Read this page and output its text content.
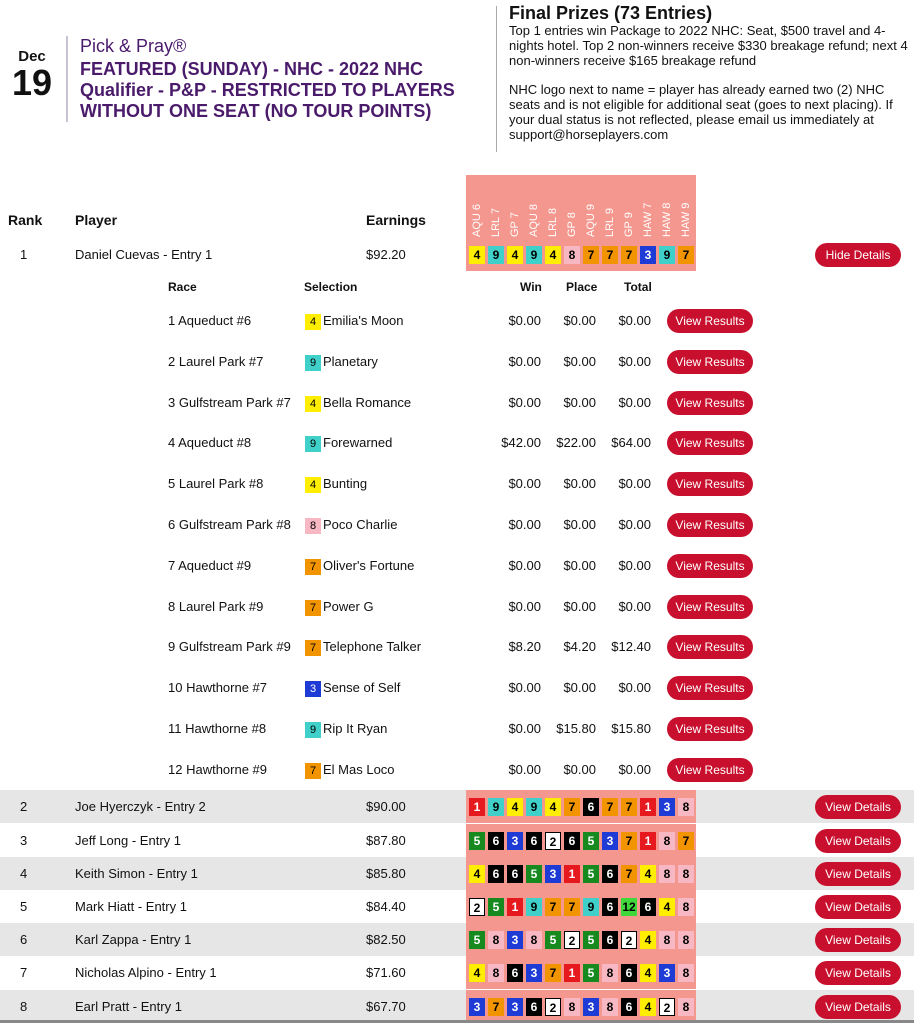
Dec
19
Pick & Pray®
FEATURED (SUNDAY) - NHC - 2022 NHC Qualifier - P&P - RESTRICTED TO PLAYERS WITHOUT ONE SEAT (NO TOUR POINTS)
Final Prizes (73 Entries)

Top 1 entries win Package to 2022 NHC: Seat, $500 travel and 4-nights hotel. Top 2 non-winners receive $330 breakage refund; next 4 non-winners receive $165 breakage refund

NHC logo next to name = player has already earned two (2) NHC seats and is not eligible for additional seat (goes to next placing). If your dual status is not reflected, please email us immediately at support@horseplayers.com

Rank Player	Earnings	AQU 6 LRL 7 GP 7 AQU 8 LRL 8 GP 8 AQU 9 LRL 9 GP 9 HAW 7 HAW 8 HAW 9
1	Daniel Cuevas - Entry 1	$92.20	4	9	4	9	4	8	7	7	7	3	9	7	Hide Details
2	Joe Hyerczyk - Entry 2	$90.00	1	9	4	9	4	7	6	7	7	1	3	8	View Details
3	Jeff Long - Entry 1	$87.80	5	6	3	6	2	6	5	3	7	1	8	7	View Details
4	Keith Simon - Entry 1	$85.80	4	6	6	5	3	1	5	6	7	4	8	8	View Details
5	Mark Hiatt - Entry 1	$84.40	2	5	1	9	7	7	9	6 12 6	4	8	View Details
6	Karl Zappa - Entry 1	$82.50	5	8	3	8	5	2	5	6	2	4	8	8	View Details
7	Nicholas Alpino - Entry 1	$71.60	4	8	6	3	7	1	5	8	6	4	3	8	View Details
8	Earl Pratt - Entry 1	$67.70	3	7	3	6	2	8	3	8	6	4	2	8	View Details
Race	Selection	Win Place Total
1 Aqueduct #6	4 Emilia's Moon	$0.00 $0.00 $0.00	View Results
2 Laurel Park #7	9 Planetary	$0.00 $0.00 $0.00	View Results
3 Gulfstream Park #7	4 Bella Romance	$0.00 $0.00 $0.00	View Results
4 Aqueduct #8	9 Forewarned	$42.00 $22.00 $64.00	View Results
5 Laurel Park #8	4 Bunting	$0.00 $0.00 $0.00	View Results
6 Gulfstream Park #8	8 Poco Charlie	$0.00 $0.00 $0.00	View Results
7 Aqueduct #9	7 Oliver's Fortune	$0.00 $0.00 $0.00	View Results
8 Laurel Park #9	7 Power G	$0.00 $0.00 $0.00	View Results
9 Gulfstream Park #9	7 Telephone Talker	$8.20 $4.20 $12.40	View Results
10 Hawthorne #7	3 Sense of Self	$0.00 $0.00 $0.00	View Results
11 Hawthorne #8	9 Rip It Ryan	$0.00 $15.80 $15.80	View Results
12 Hawthorne #9	7 El Mas Loco	$0.00 $0.00 $0.00	View Results
